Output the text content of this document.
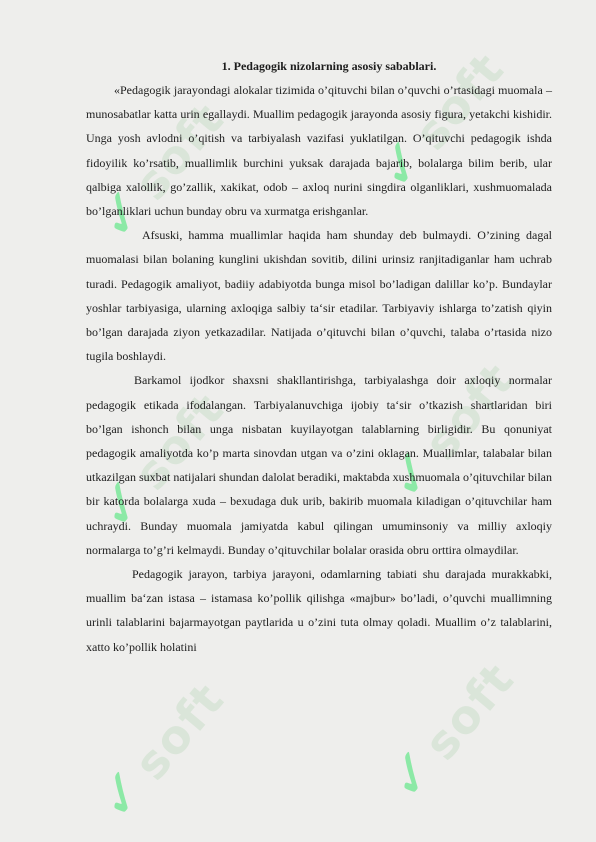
✓soft ✓soft
✓soft ✓soft
✓soft ✓soft
1. Pedagogik nizolarning asosiy sabablari.

«Pedagogik jarayondagi alokalar tizimida o’qituvchi bilan o’quvchi o’rtasidagi muomala – munosabatlar katta urin egallaydi. Muallim pedagogik jarayonda asosiy figura, yetakchi kishidir. Unga yosh avlodni o’qitish va tarbiyalash vazifasi yuklatilgan. O’qituvchi pedagogik ishda fidoyilik ko’rsatib, muallimlik burchini yuksak darajada bajarib, bolalarga bilim berib, ular qalbiga xalollik, go’zallik, xakikat, odob – axloq nurini singdira olganliklari, xushmuomalada bo’lganliklari uchun bunday obru va xurmatga erishganlar.

Afsuski, hamma muallimlar haqida ham shunday deb bulmaydi. O’zining dagal muomalasi bilan bolaning kunglini ukishdan sovitib, dilini urinsiz ranjitadiganlar ham uchrab turadi. Pedagogik amaliyot, badiiy adabiyotda bunga misol bo’ladigan dalillar ko’p. Bundaylar yoshlar tarbiyasiga, ularning axloqiga salbiy ta‘sir etadilar. Tarbiyaviy ishlarga to’zatish qiyin bo’lgan darajada ziyon yetkazadilar. Natijada o’qituvchi bilan o’quvchi, talaba o’rtasida nizo tugila boshlaydi.

Barkamol ijodkor shaxsni shakllantirishga, tarbiyalashga doir axloqiy normalar pedagogik etikada ifodalangan. Tarbiyalanuvchiga ijobiy ta‘sir o’tkazish shartlaridan biri bo’lgan ishonch bilan unga nisbatan kuyilayotgan talablarning birligidir. Bu qonuniyat pedagogik amaliyotda ko’p marta sinovdan utgan va o’zini oklagan. Muallimlar, talabalar bilan utkazilgan suxbat natijalari shundan dalolat beradiki, maktabda xushmuomala o’qituvchilar bilan bir katorda bolalarga xuda – bexudaga duk urib, bakirib muomala kiladigan o’qituvchilar ham uchraydi. Bunday muomala jamiyatda kabul qilingan umuminsoniy va milliy axloqiy normalarga to’g’ri kelmaydi. Bunday o’qituvchilar bolalar orasida obru orttira olmaydilar.

Pedagogik jarayon, tarbiya jarayoni, odamlarning tabiati shu darajada murakkabki, muallim ba‘zan istasa – istamasa ko’pollik qilishga «majbur» bo’ladi, o’quvchi muallimning urinli talablarini bajarmayotgan paytlarida u o’zini tuta olmay qoladi. Muallim o’z talablarini, xatto ko’pollik holatini
